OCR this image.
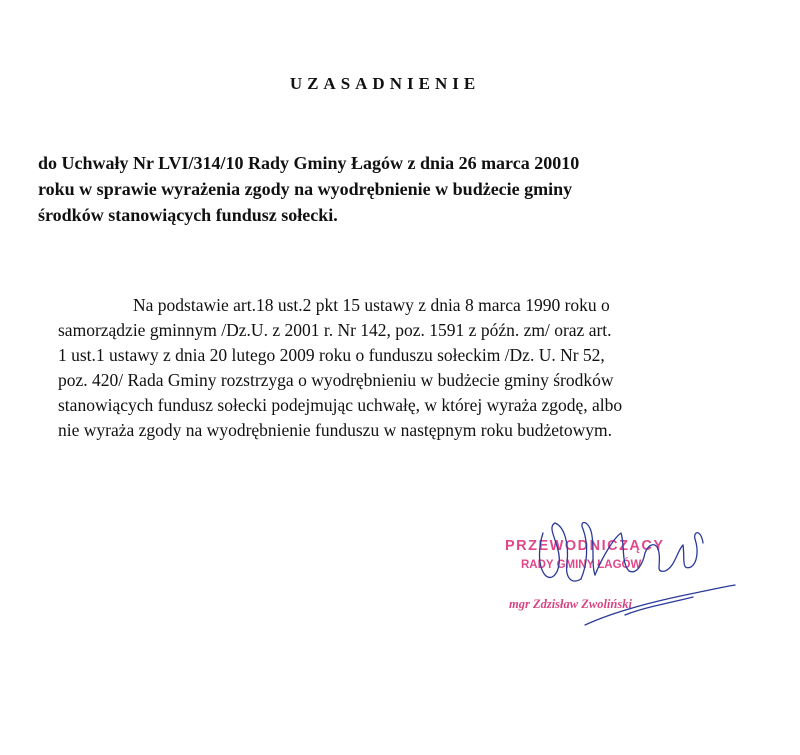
UZASADNIENIE
do Uchwały Nr LVI/314/10 Rady Gminy Łagów z dnia 26 marca 20010
roku w sprawie wyrażenia zgody na wyodrębnienie w budżecie gminy
środków stanowiących fundusz sołecki.
Na podstawie art.18 ust.2 pkt 15 ustawy z dnia 8 marca 1990 roku o
samorządzie gminnym /Dz.U. z 2001 r. Nr 142, poz. 1591 z późn. zm/ oraz art.
1 ust.1 ustawy z dnia 20 lutego 2009 roku o funduszu sołeckim /Dz. U. Nr 52,
poz. 420/ Rada Gminy rozstrzyga o wyodrębnieniu w budżecie gminy środków
stanowiących fundusz sołecki podejmując uchwałę, w której wyraża zgodę, albo
nie wyraża zgody na wyodrębnienie funduszu w następnym roku budżetowym.
PRZEWODNICZĄCY
RADY GMINY ŁAGÓW
mgr Zdzisław Zwoliński
